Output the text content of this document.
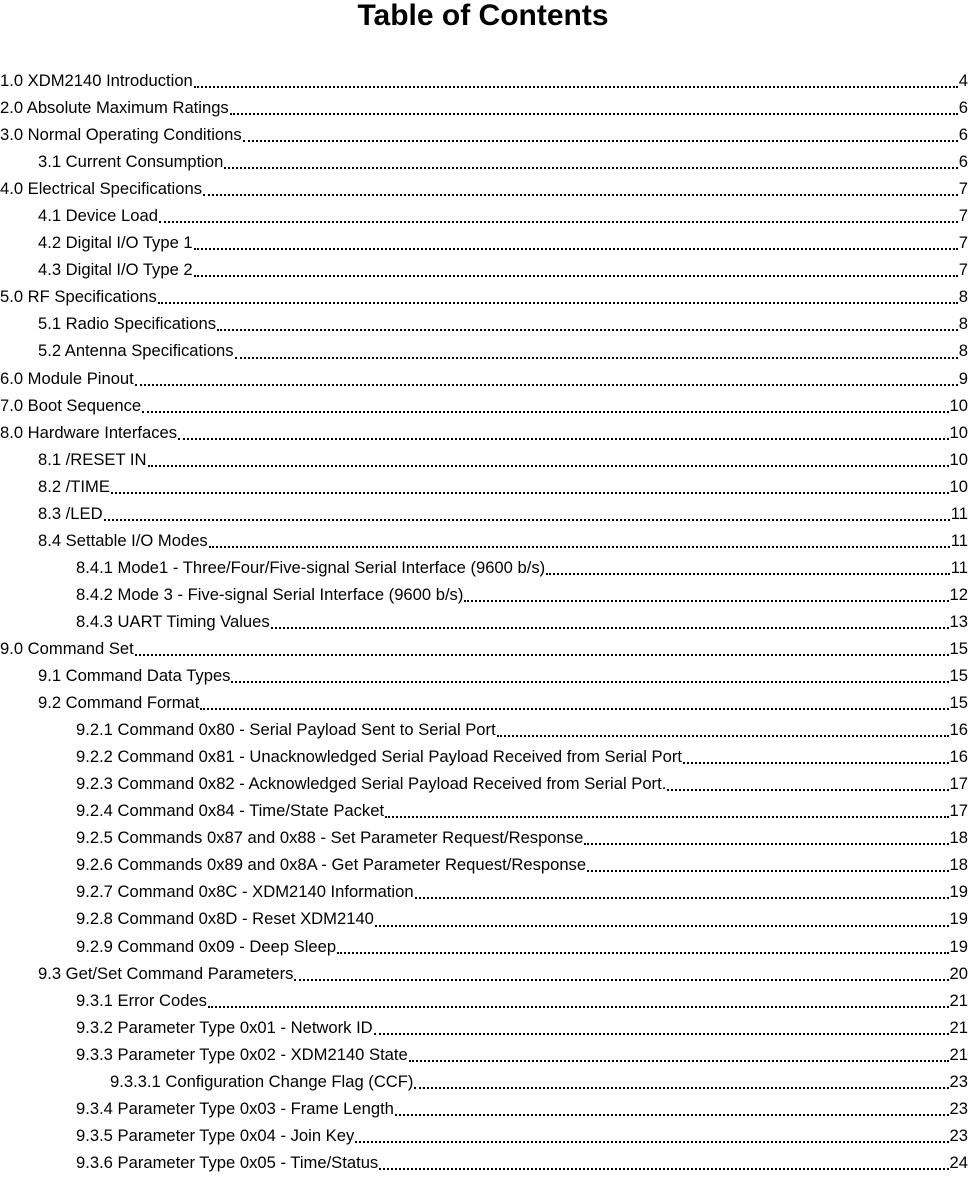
Table of Contents
1.0 XDM2140 Introduction	4
2.0 Absolute Maximum Ratings	6
3.0 Normal Operating Conditions	6
3.1 Current Consumption	6
4.0 Electrical Specifications	7
4.1 Device Load	7
4.2 Digital I/O Type 1	7
4.3 Digital I/O Type 2	7
5.0 RF Specifications	8
5.1 Radio Specifications	8
5.2 Antenna Specifications	8
6.0 Module Pinout	9
7.0 Boot Sequence	10
8.0 Hardware Interfaces	10
8.1 /RESET IN	10
8.2 /TIME	10
8.3 /LED	11
8.4 Settable I/O Modes	11
8.4.1 Mode1 - Three/Four/Five-signal Serial Interface (9600 b/s)	11
8.4.2 Mode 3 - Five-signal Serial Interface (9600 b/s)	12
8.4.3 UART Timing Values	13
9.0 Command Set	15
9.1 Command Data Types	15
9.2 Command Format	15
9.2.1 Command 0x80 - Serial Payload Sent to Serial Port	16
9.2.2 Command 0x81 - Unacknowledged Serial Payload Received from Serial Port	16
9.2.3 Command 0x82 - Acknowledged Serial Payload Received from Serial Port.	17
9.2.4 Command 0x84 - Time/State Packet	17
9.2.5 Commands 0x87 and 0x88 - Set Parameter Request/Response	18
9.2.6 Commands 0x89 and 0x8A - Get Parameter Request/Response	18
9.2.7 Command 0x8C - XDM2140 Information	19
9.2.8 Command 0x8D - Reset XDM2140	19
9.2.9 Command 0x09 - Deep Sleep	19
9.3 Get/Set Command Parameters	20
9.3.1 Error Codes	21
9.3.2 Parameter Type 0x01 - Network ID	21
9.3.3 Parameter Type 0x02 - XDM2140 State	21
9.3.3.1 Configuration Change Flag (CCF)	23
9.3.4 Parameter Type 0x03 - Frame Length	23
9.3.5 Parameter Type 0x04 - Join Key	23
9.3.6 Parameter Type 0x05 - Time/Status	24
